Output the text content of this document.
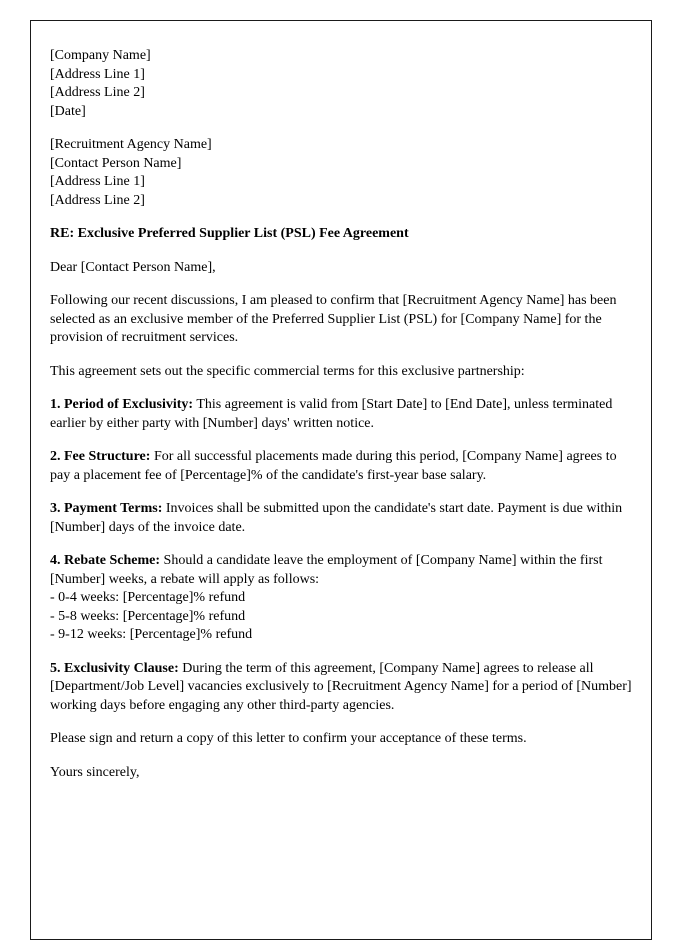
[Company Name]
[Address Line 1]
[Address Line 2]
[Date]
[Recruitment Agency Name]
[Contact Person Name]
[Address Line 1]
[Address Line 2]

RE: Exclusive Preferred Supplier List (PSL) Fee Agreement

Dear [Contact Person Name],

Following our recent discussions, I am pleased to confirm that [Recruitment Agency Name] has been selected as an exclusive member of the Preferred Supplier List (PSL) for [Company Name] for the provision of recruitment services.

This agreement sets out the specific commercial terms for this exclusive partnership:

1. Period of Exclusivity: This agreement is valid from [Start Date] to [End Date], unless terminated earlier by either party with [Number] days' written notice.

2. Fee Structure: For all successful placements made during this period, [Company Name] agrees to pay a placement fee of [Percentage]% of the candidate's first-year base salary.

3. Payment Terms: Invoices shall be submitted upon the candidate's start date. Payment is due within [Number] days of the invoice date.

4. Rebate Scheme: Should a candidate leave the employment of [Company Name] within the first [Number] weeks, a rebate will apply as follows:
- 0-4 weeks: [Percentage]% refund
- 5-8 weeks: [Percentage]% refund
- 9-12 weeks: [Percentage]% refund

5. Exclusivity Clause: During the term of this agreement, [Company Name] agrees to release all [Department/Job Level] vacancies exclusively to [Recruitment Agency Name] for a period of [Number] working days before engaging any other third-party agencies.

Please sign and return a copy of this letter to confirm your acceptance of these terms.

Yours sincerely,
